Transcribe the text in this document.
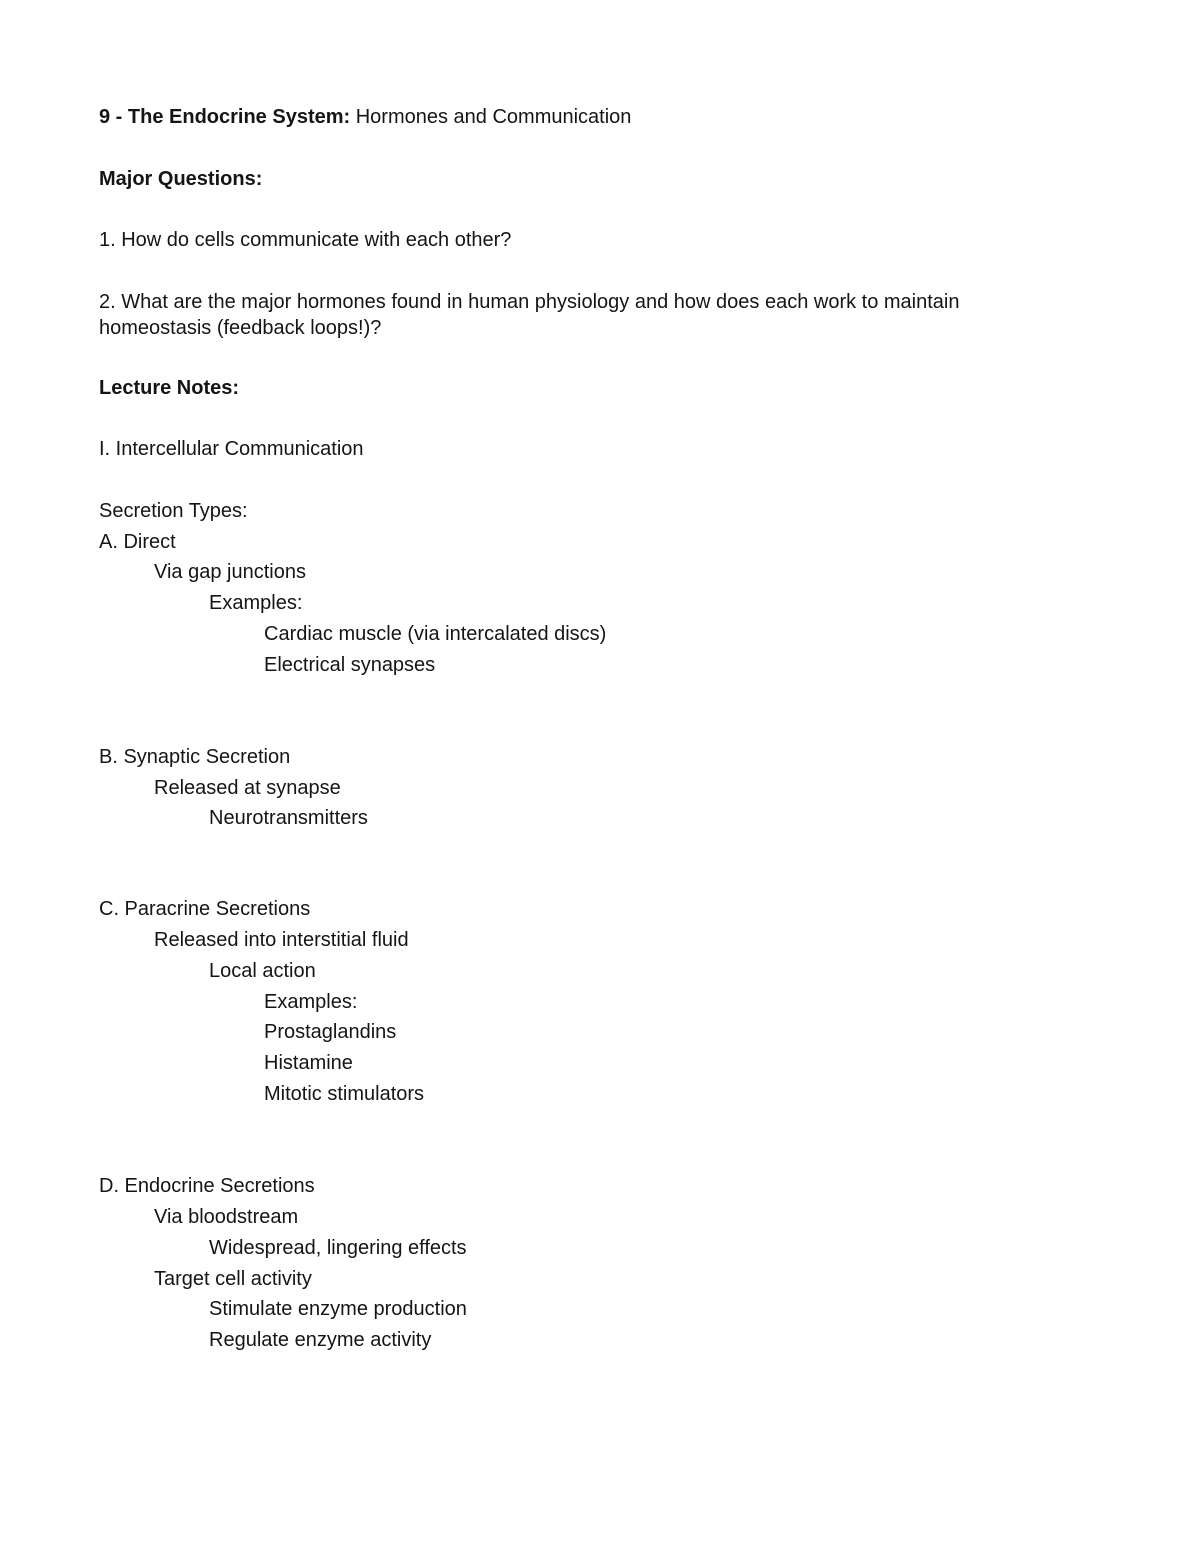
9 - The Endocrine System: Hormones and Communication
Major Questions:
1. How do cells communicate with each other?
2. What are the major hormones found in human physiology and how does each work to maintain
homeostasis (feedback loops!)?
Lecture Notes:
I. Intercellular Communication
Secretion Types:
A. Direct
Via gap junctions
Examples:
Cardiac muscle (via intercalated discs)
Electrical synapses
B. Synaptic Secretion
Released at synapse
Neurotransmitters
C. Paracrine Secretions
Released into interstitial fluid
Local action
Examples:
Prostaglandins
Histamine
Mitotic stimulators
D. Endocrine Secretions
Via bloodstream
Widespread, lingering effects
Target cell activity
Stimulate enzyme production
Regulate enzyme activity
